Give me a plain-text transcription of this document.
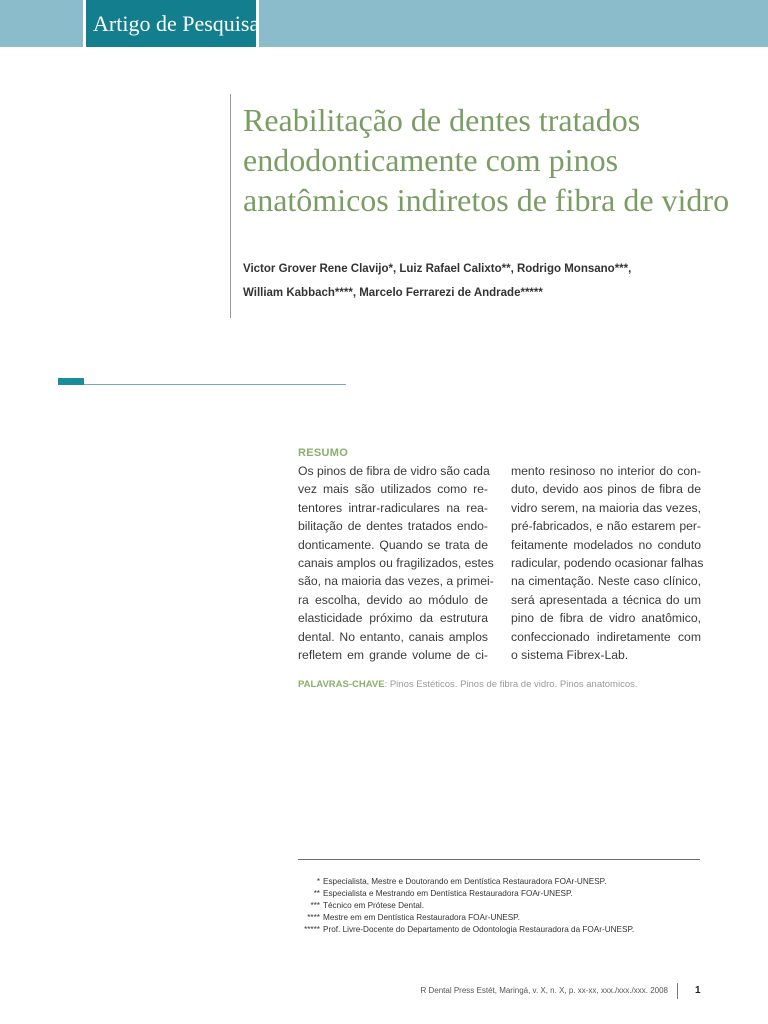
Artigo de Pesquisa
Reabilitação de dentes tratados
endodonticamente com pinos
anatômicos indiretos de fibra de vidro
Victor Grover Rene Clavijo*, Luiz Rafael Calixto**, Rodrigo Monsano***,
William Kabbach****, Marcelo Ferrarezi de Andrade*****
RESUMO
Os pinos de fibra de vidro são cada
vez mais são utilizados como re-
tentores intrar-radiculares na rea-
bilitação de dentes tratados endo-
donticamente. Quando se trata de
canais amplos ou fragilizados, estes
são, na maioria das vezes, a primei-
ra escolha, devido ao módulo de
elasticidade próximo da estrutura
dental. No entanto, canais amplos
refletem em grande volume de ci-
mento resinoso no interior do con-
duto, devido aos pinos de fibra de
vidro serem, na maioria das vezes,
pré-fabricados, e não estarem per-
feitamente modelados no conduto
radicular, podendo ocasionar falhas
na cimentação. Neste caso clínico,
será apresentada a técnica do um
pino de fibra de vidro anatômico,
confeccionado indiretamente com
o sistema Fibrex-Lab.
PALAVRAS-CHAVE: Pinos Estéticos. Pinos de fibra de vidro. Pinos anatomicos.
* Especialista, Mestre e Doutorando em Dentística Restauradora FOAr-UNESP.
** Especialista e Mestrando em Dentística Restauradora FOAr-UNESP.
*** Técnico em Prótese Dental.
**** Mestre em em Dentística Restauradora FOAr-UNESP.
***** Prof. Livre-Docente do Departamento de Odontologia Restauradora da FOAr-UNESP.
R Dental Press Estét, Maringá, v. X, n. X, p. xx-xx, xxx./xxx./xxx. 2008	1
